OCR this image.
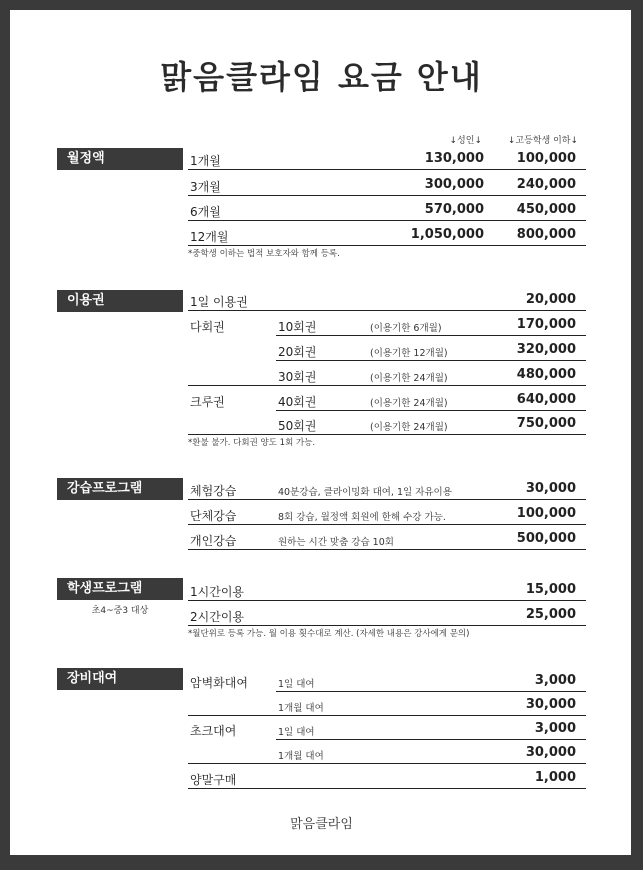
맑음클라임 요금 안내
↓성인↓	↓고등학생 이하↓
월정액	1개월	130,000	100,000
3개월	300,000	240,000
6개월	570,000	450,000
12개월	1,050,000	800,000
*중학생 이하는 법적 보호자와 함께 등록.
이용권	1일 이용권	20,000
다회권	10회권	(이용기한 6개월)	170,000
20회권	(이용기한 12개월)	320,000
30회권	(이용기한 24개월)	480,000
크루권	40회권	(이용기한 24개월)	640,000
50회권	(이용기한 24개월)	750,000
*환불 불가. 다회권 양도 1회 가능.
강습프로그램	체험강습	40분강습, 클라이밍화 대여, 1일 자유이용	30,000
단체강습	8회 강습, 월정액 회원에 한해 수강 가능.	100,000
개인강습	원하는 시간 맞춤 강습 10회	500,000
학생프로그램
초4~중3 대상
1시간이용	15,000
2시간이용	25,000
*월단위로 등록 가능. 월 이용 횟수대로 계산. (자세한 내용은 강사에게 문의)
장비대여	암벽화대여	1일 대여	3,000
1개월 대여	30,000
초크대여	1일 대여	3,000
1개월 대여	30,000
양말구매	1,000
맑음클라임
